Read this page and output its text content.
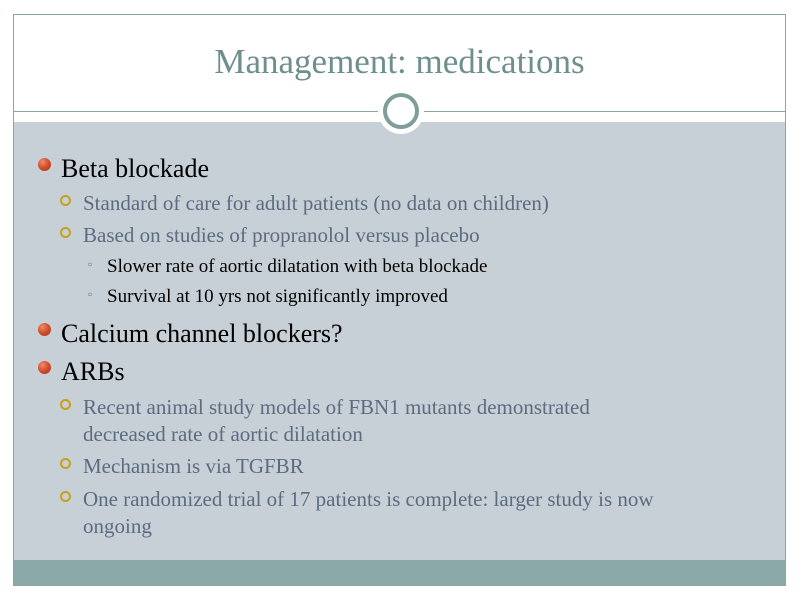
Management: medications
Beta blockade
Standard of care for adult patients (no data on children)
Based on studies of propranolol versus placebo
▫ Slower rate of aortic dilatation with beta blockade
▫ Survival at 10 yrs not significantly improved
Calcium channel blockers?
ARBs
Recent animal study models of FBN1 mutants demonstrated
decreased rate of aortic dilatation
Mechanism is via TGFBR
One randomized trial of 17 patients is complete: larger study is now
ongoing
